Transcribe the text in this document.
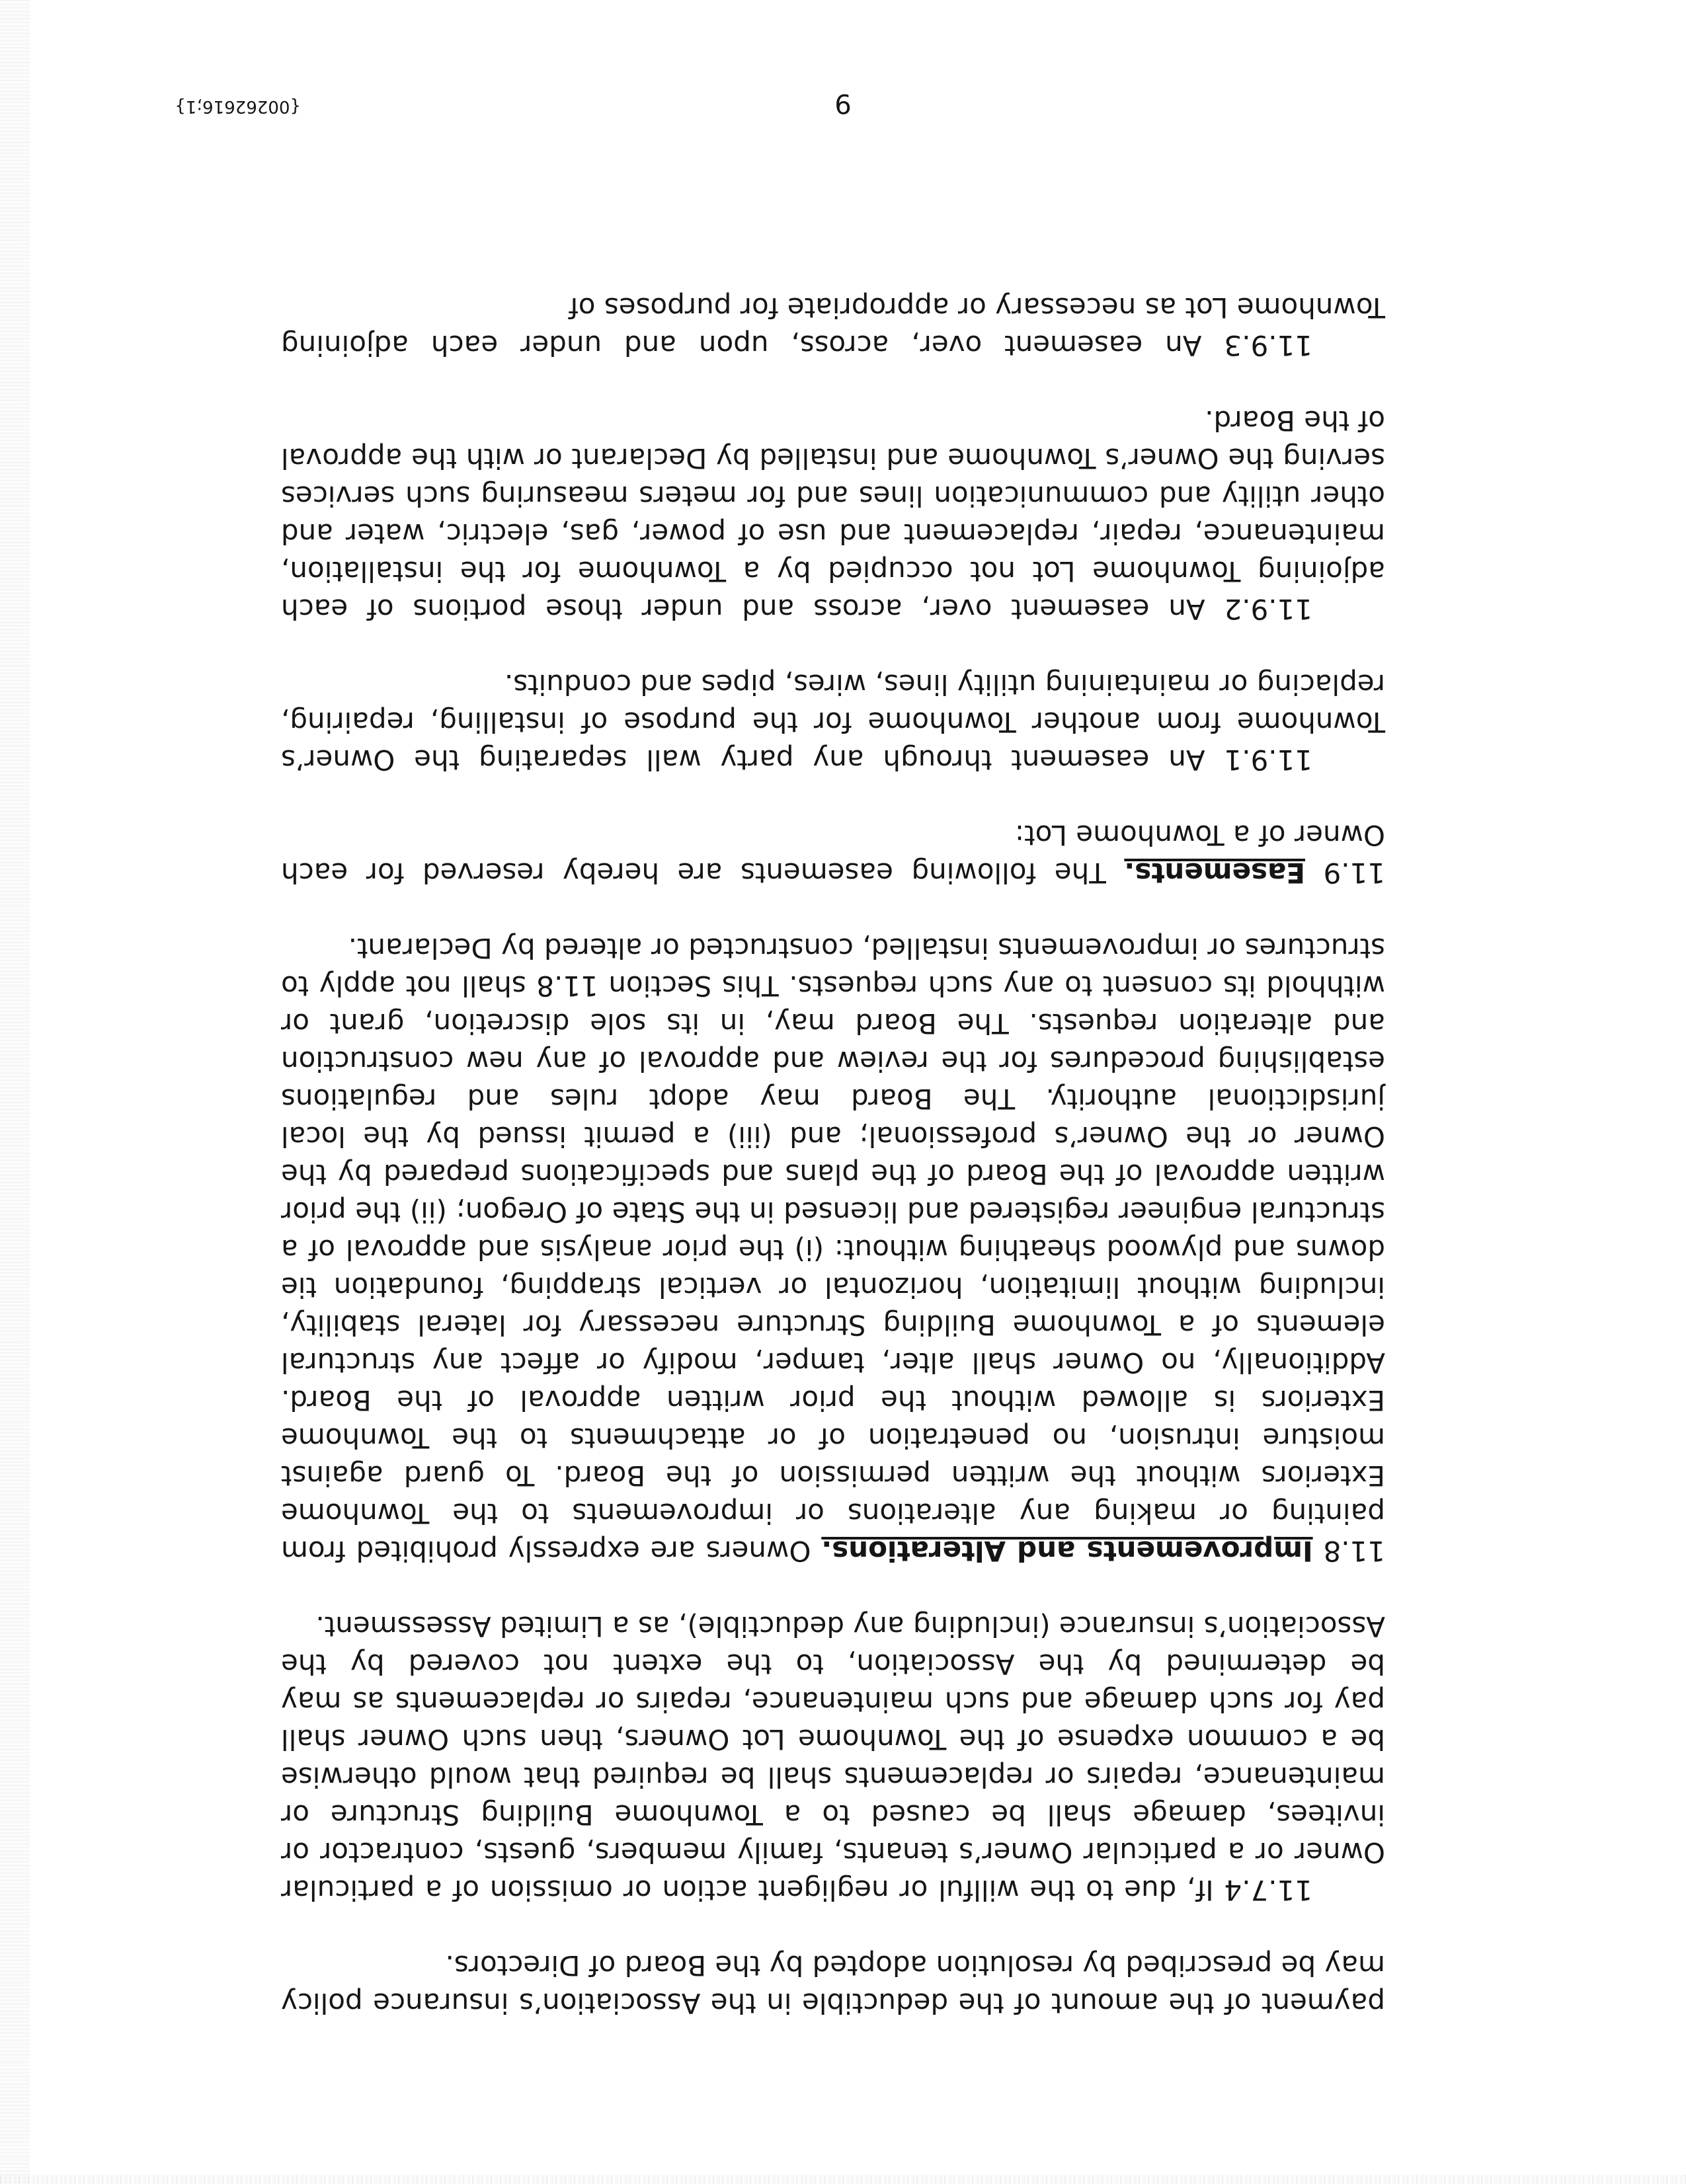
payment of the amount of the deductible in the Association’s insurance policy may be prescribed by resolution adopted by the Board of Directors.

11.7.4 If, due to the willful or negligent action or omission of a particular Owner or a particular Owner’s tenants, family members, guests, contractor or invitees, damage shall be caused to a Townhome Building Structure or maintenance, repairs or replacements shall be required that would otherwise be a common expense of the Townhome Lot Owners, then such Owner shall pay for such damage and such maintenance, repairs or replacements as may be determined by the Association, to the extent not covered by the Association’s insurance (including any deductible), as a Limited Assessment.

11.8 Improvements and Alterations. Owners are expressly prohibited from painting or making any alterations or improvements to the Townhome Exteriors without the written permission of the Board. To guard against moisture intrusion, no penetration of or attachments to the Townhome Exteriors is allowed without the prior written approval of the Board. Additionally, no Owner shall alter, tamper, modify or affect any structural elements of a Townhome Building Structure necessary for lateral stability, including without limitation, horizontal or vertical strapping, foundation tie downs and plywood sheathing without: (i) the prior analysis and approval of a structural engineer registered and licensed in the State of Oregon; (ii) the prior written approval of the Board of the plans and specifications prepared by the Owner or the Owner’s professional; and (iii) a permit issued by the local jurisdictional authority. The Board may adopt rules and regulations establishing procedures for the review and approval of any new construction and alteration requests. The Board may, in its sole discretion, grant or withhold its consent to any such requests. This Section 11.8 shall not apply to structures or improvements installed, constructed or altered by Declarant.

11.9 Easements. The following easements are hereby reserved for each Owner of a Townhome Lot:

11.9.1 An easement through any party wall separating the Owner’s Townhome from another Townhome for the purpose of installing, repairing, replacing or maintaining utility lines, wires, pipes and conduits.

11.9.2 An easement over, across and under those portions of each adjoining Townhome Lot not occupied by a Townhome for the installation, maintenance, repair, replacement and use of power, gas, electric, water and other utility and communication lines and for meters measuring such services serving the Owner’s Townhome and installed by Declarant or with the approval of the Board.

11.9.3 An easement over, across, upon and under each adjoining Townhome Lot as necessary or appropriate for purposes of

9
{00262616;1}
